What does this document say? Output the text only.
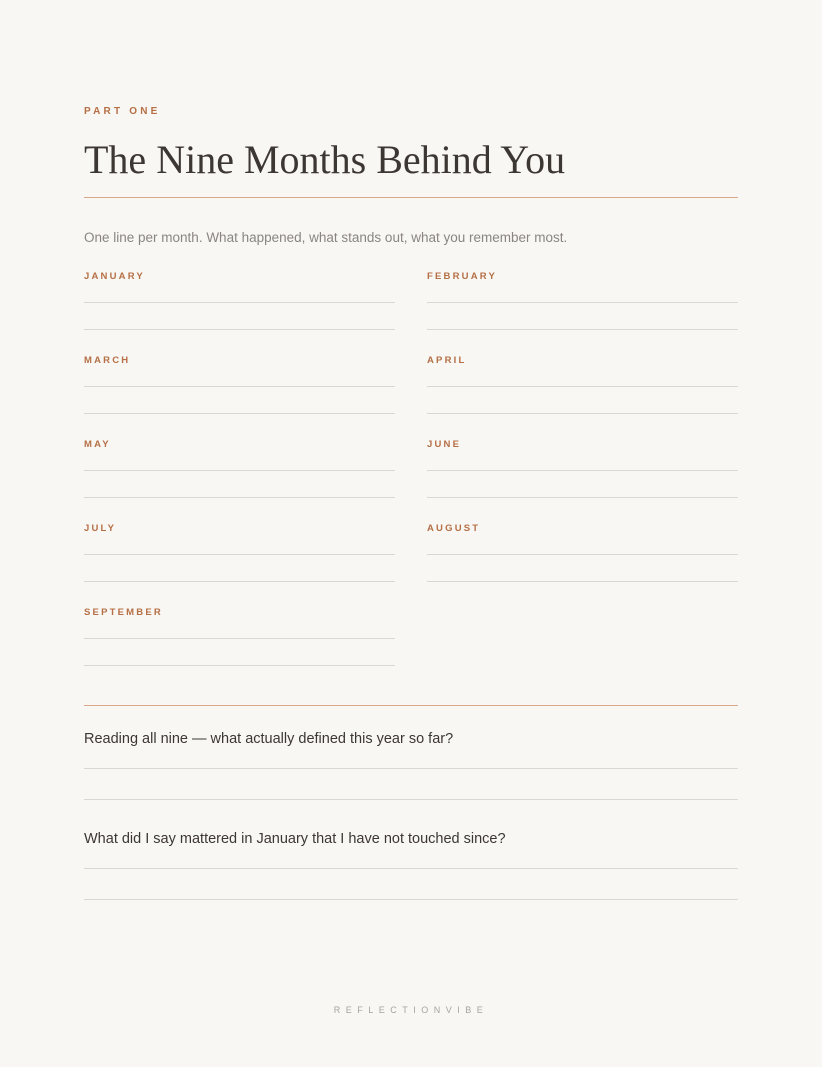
PART ONE
The Nine Months Behind You
One line per month. What happened, what stands out, what you remember most.
JANUARY	FEBRUARY
MARCH	APRIL
MAY	JUNE
JULY	AUGUST
SEPTEMBER
Reading all nine — what actually defined this year so far?
What did I say mattered in January that I have not touched since?
REFLECTIONVIBE
